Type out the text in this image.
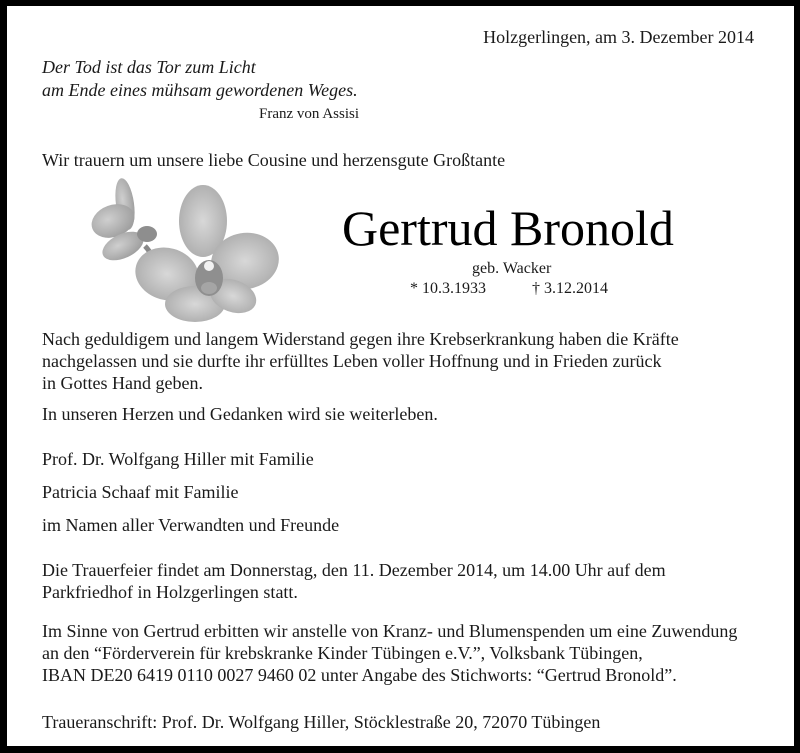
Holzgerlingen, am 3. Dezember 2014
Der Tod ist das Tor zum Licht
am Ende eines mühsam gewordenen Weges.
Franz von Assisi
Wir trauern um unsere liebe Cousine und herzensgute Großtante
Gertrud Bronold
geb. Wacker
* 10.3.1933	† 3.12.2014
Nach geduldigem und langem Widerstand gegen ihre Krebserkrankung haben die Kräfte
nachgelassen und sie durfte ihr erfülltes Leben voller Hoffnung und in Frieden zurück
in Gottes Hand geben.
In unseren Herzen und Gedanken wird sie weiterleben.
Prof. Dr. Wolfgang Hiller mit Familie
Patricia Schaaf mit Familie
im Namen aller Verwandten und Freunde
Die Trauerfeier findet am Donnerstag, den 11. Dezember 2014, um 14.00 Uhr auf dem
Parkfriedhof in Holzgerlingen statt.
Im Sinne von Gertrud erbitten wir anstelle von Kranz- und Blumenspenden um eine Zuwendung
an den “Förderverein für krebskranke Kinder Tübingen e.V.”, Volksbank Tübingen,
IBAN DE20 6419 0110 0027 9460 02 unter Angabe des Stichworts: “Gertrud Bronold”.
Traueranschrift: Prof. Dr. Wolfgang Hiller, Stöcklestraße 20, 72070 Tübingen
